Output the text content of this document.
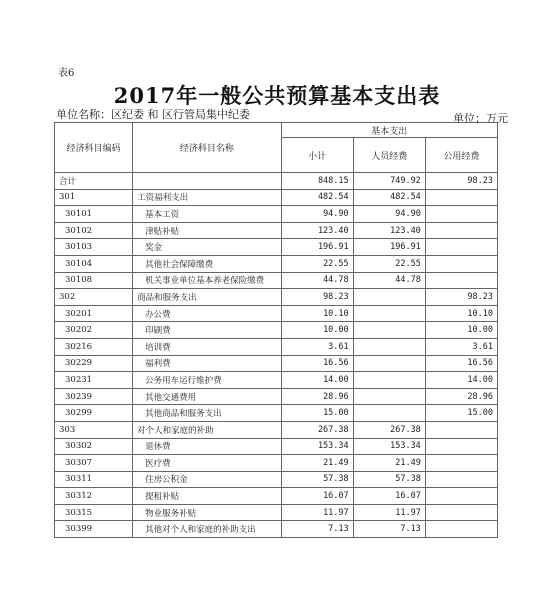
表6
2017年一般公共预算基本支出表
单位名称：区纪委 和 区行管局集中纪委	单位：万元
经济科目编码	经济科目名称	基本支出		
		小计	人员经费	公用经费
合计		848.15	749.92	98.23
301	工资福利支出	482.54	482.54	
30101	基本工资	94.90	94.90	
30102	津贴补贴	123.40	123.40	
30103	奖金	196.91	196.91	
30104	其他社会保障缴费	22.55	22.55	
30108	机关事业单位基本养老保险缴费	44.78	44.78	
302	商品和服务支出	98.23		98.23
30201	办公费	10.10		10.10
30202	印刷费	10.00		10.00
30216	培训费	3.61		3.61
30229	福利费	16.56		16.56
30231	公务用车运行维护费	14.00		14.00
30239	其他交通费用	28.96		28.96
30299	其他商品和服务支出	15.00		15.00
303	对个人和家庭的补助	267.38	267.38	
30302	退休费	153.34	153.34	
30307	医疗费	21.49	21.49	
30311	住房公积金	57.38	57.38	
30312	提租补贴	16.07	16.07	
30315	物业服务补贴	11.97	11.97	
30399	其他对个人和家庭的补助支出	7.13	7.13	
